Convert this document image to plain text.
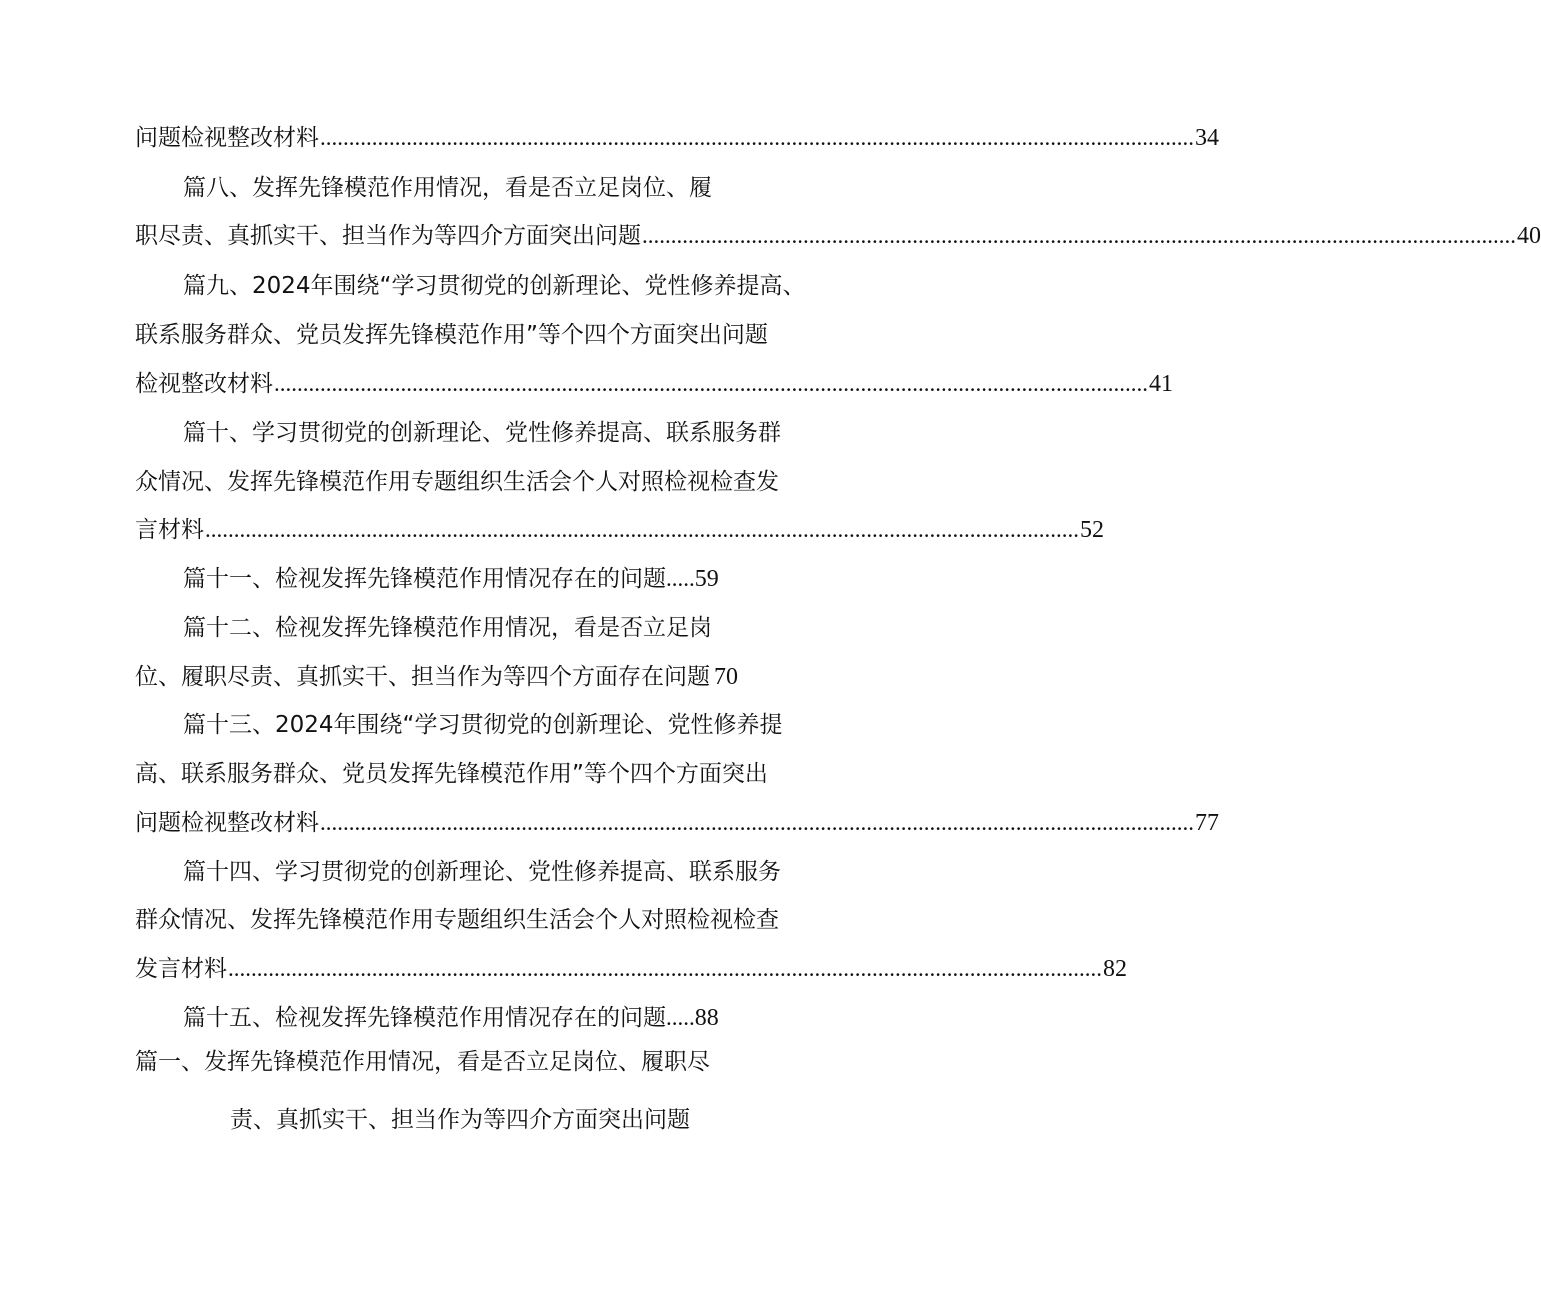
问题检视整改材料 ........................................................................................................................................................ 34
篇八、发挥先锋模范作用情况，看是否立足岗位、履
职尽责、真抓实干、担当作为等四介方面突出问题 ........................................................................................................................................................ 40
篇九、2024年围绕“学习贯彻党的创新理论、党性修养提高、
联系服务群众、党员发挥先锋模范作用”等个四个方面突出问题
检视整改材料 ........................................................................................................................................................ 41
篇十、学习贯彻党的创新理论、党性修养提高、联系服务群
众情况、发挥先锋模范作用专题组织生活会个人对照检视检查发
言材料 ........................................................................................................................................................ 52
篇十一、检视发挥先锋模范作用情况存在的问题.....59
篇十二、检视发挥先锋模范作用情况，看是否立足岗
位、履职尽责、真抓实干、担当作为等四个方面存在问题 70
篇十三、2024年围绕“学习贯彻党的创新理论、党性修养提
高、联系服务群众、党员发挥先锋模范作用”等个四个方面突出
问题检视整改材料 ........................................................................................................................................................ 77
篇十四、学习贯彻党的创新理论、党性修养提高、联系服务
群众情况、发挥先锋模范作用专题组织生活会个人对照检视检查
发言材料 ........................................................................................................................................................ 82
篇十五、检视发挥先锋模范作用情况存在的问题.....88
篇一、发挥先锋模范作用情况，看是否立足岗位、履职尽
责、真抓实干、担当作为等四介方面突出问题
